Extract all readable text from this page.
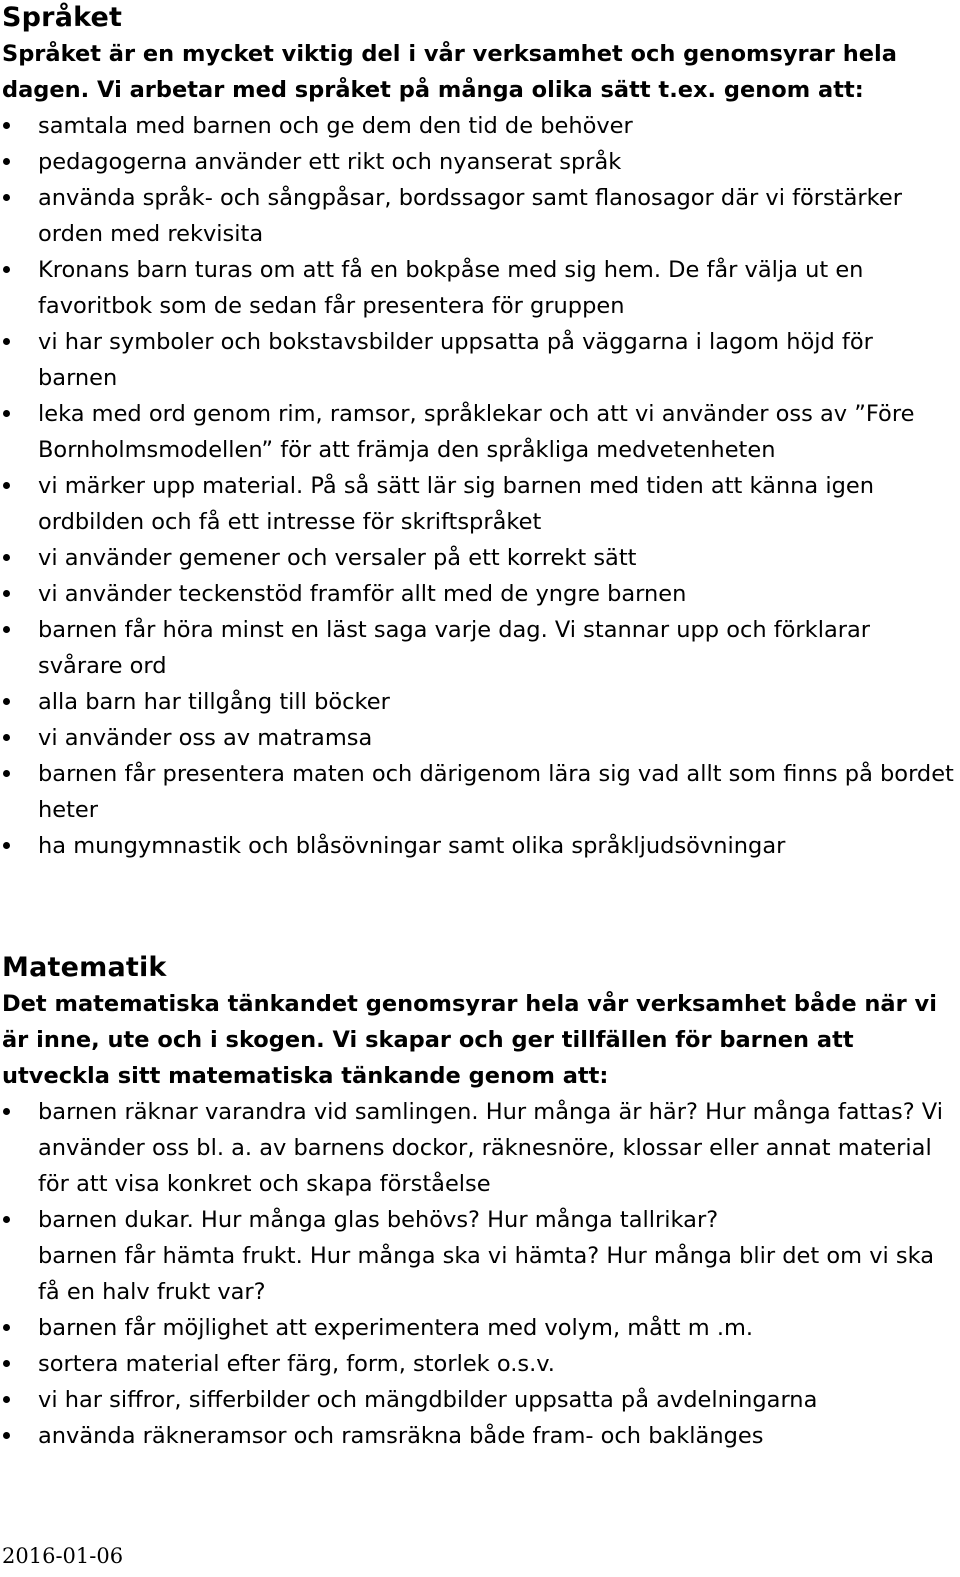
Språket

Språket är en mycket viktig del i vår verksamhet och genomsyrar hela dagen. Vi arbetar med språket på många olika sätt t.ex. genom att:

samtala med barnen och ge dem den tid de behöver
pedagogerna använder ett rikt och nyanserat språk
använda språk- och sångpåsar, bordssagor samt flanosagor där vi förstärker orden med rekvisita
Kronans barn turas om att få en bokpåse med sig hem. De får välja ut en favoritbok som de sedan får presentera för gruppen
vi har symboler och bokstavsbilder uppsatta på väggarna i lagom höjd för barnen
leka med ord genom rim, ramsor, språklekar och att vi använder oss av ”Före Bornholmsmodellen” för att främja den språkliga medvetenheten
vi märker upp material. På så sätt lär sig barnen med tiden att känna igen ordbilden och få ett intresse för skriftspråket
vi använder gemener och versaler på ett korrekt sätt
vi använder teckenstöd framför allt med de yngre barnen
barnen får höra minst en läst saga varje dag. Vi stannar upp och förklarar svårare ord
alla barn har tillgång till böcker
vi använder oss av matramsa
barnen får presentera maten och därigenom lära sig vad allt som finns på bordet heter
ha mungymnastik och blåsövningar samt olika språkljudsövningar
Matematik

Det matematiska tänkandet genomsyrar hela vår verksamhet både när vi är inne, ute och i skogen. Vi skapar och ger tillfällen för barnen att utveckla sitt matematiska tänkande genom att:

barnen räknar varandra vid samlingen. Hur många är här? Hur många fattas? Vi använder oss bl. a. av barnens dockor, räknesnöre, klossar eller annat material för att visa konkret och skapa förståelse
barnen dukar. Hur många glas behövs? Hur många tallrikar?
barnen får hämta frukt. Hur många ska vi hämta? Hur många blir det om vi ska få en halv frukt var?
barnen får möjlighet att experimentera med volym, mått m .m.
sortera material efter färg, form, storlek o.s.v.
vi har siffror, sifferbilder och mängdbilder uppsatta på avdelningarna
använda räkneramsor och ramsräkna både fram- och baklänges
2016-01-06
